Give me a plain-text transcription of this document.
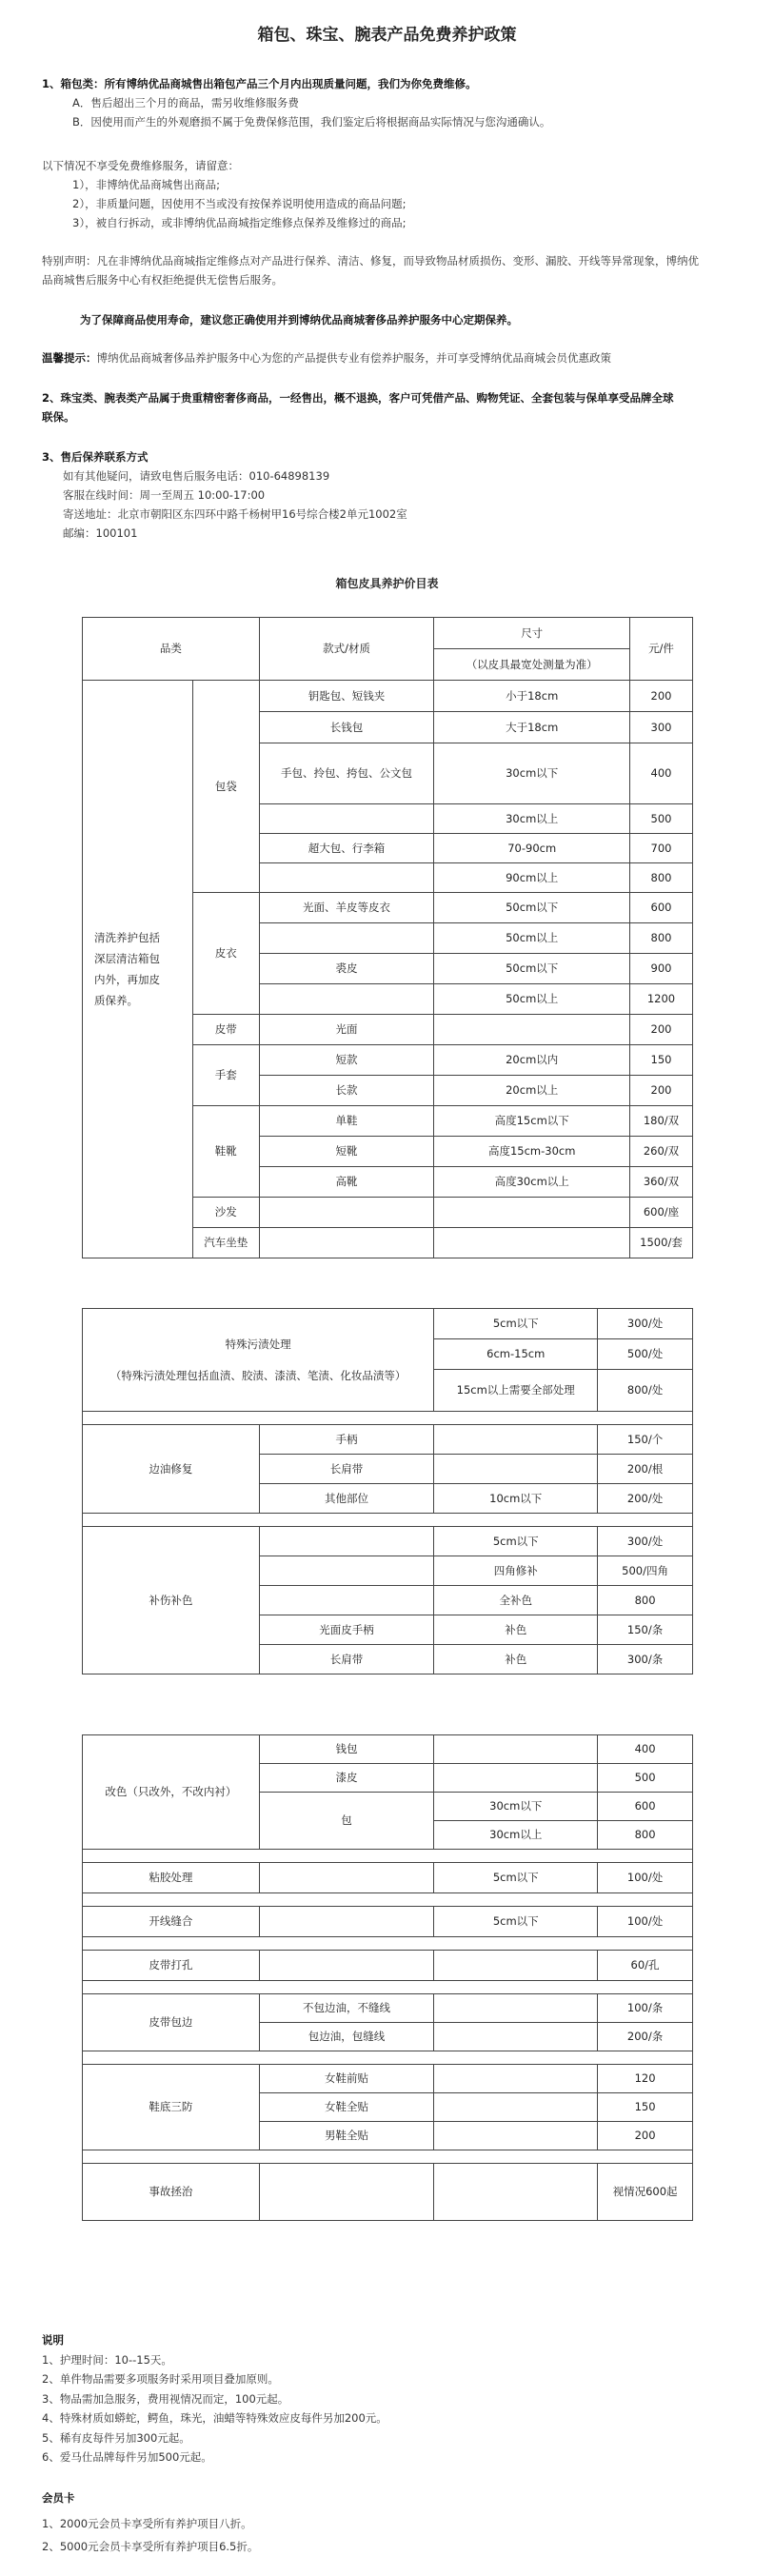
箱包、珠宝、腕表产品免费养护政策
1、箱包类：所有博纳优品商城售出箱包产品三个月内出现质量问题，我们为你免费维修。
A．售后超出三个月的商品，需另收维修服务费
B．因使用而产生的外观磨损不属于免费保修范围，我们鉴定后将根据商品实际情况与您沟通确认。
以下情况不享受免费维修服务，请留意：
1），非博纳优品商城售出商品;
2），非质量问题，因使用不当或没有按保养说明使用造成的商品问题;
3），被自行拆动，或非博纳优品商城指定维修点保养及维修过的商品;
特别声明：凡在非博纳优品商城指定维修点对产品进行保养、清洁、修复，而导致物品材质损伤、变形、漏胶、开线等异常现象，博纳优
品商城售后服务中心有权拒绝提供无偿售后服务。
为了保障商品使用寿命，建议您正确使用并到博纳优品商城奢侈品养护服务中心定期保养。
温馨提示：博纳优品商城奢侈品养护服务中心为您的产品提供专业有偿养护服务，并可享受博纳优品商城会员优惠政策
2、珠宝类、腕表类产品属于贵重精密奢侈商品，一经售出，概不退换，客户可凭借产品、购物凭证、全套包装与保单享受品牌全球
联保。
3、售后保养联系方式
如有其他疑问，请致电售后服务电话：010-64898139
客服在线时间：周一至周五 10:00-17:00
寄送地址：北京市朝阳区东四环中路千杨树甲16号综合楼2单元1002室
邮编：100101
箱包皮具养护价目表
品类		款式/材质	尺寸	元/件
			（以皮具最宽处测量为准）	

清洗养护包括
深层清洁箱包
内外，再加皮
质保养。	包袋	钥匙包、短钱夹	小于18cm	200
		长钱包	大于18cm	300
		手包、拎包、挎包、公文包	30cm以下	400
			30cm以上	500
		超大包、行李箱	70-90cm	700
			90cm以上	800
	皮衣	光面、羊皮等皮衣	50cm以下	600
			50cm以上	800
		裘皮	50cm以下	900
			50cm以上	1200
	皮带	光面		200
	手套	短款	20cm以内	150
		长款	20cm以上	200
	鞋靴	单鞋	高度15cm以下	180/双
		短靴	高度15cm-30cm	260/双
		高靴	高度30cm以上	360/双
	沙发			600/座
	汽车坐垫			1500/套
特殊污渍处理
（特殊污渍处理包括血渍、胶渍、漆渍、笔渍、化妆品渍等）		5cm以下	300/处
		6cm-15cm	500/处
		15cm以上需要全部处理	800/处

边油修复	手柄		150/个
	长肩带		200/根
	其他部位	10cm以下	200/处

补伤补色		5cm以下	300/处
		四角修补	500/四角
		全补色	800
	光面皮手柄	补色	150/条
	长肩带	补色	300/条
改色（只改外，不改内衬）	钱包		400
	漆皮		500
	包	30cm以下	600
		30cm以上	800

粘胶处理		5cm以下	100/处

开线缝合		5cm以下	100/处

皮带打孔			60/孔

皮带包边	不包边油，不缝线		100/条
	包边油，包缝线		200/条

鞋底三防	女鞋前贴		120
	女鞋全贴		150
	男鞋全贴		200

事故拯治			视情况600起
说明
1、护理时间：10--15天。
2、单件物品需要多项服务时采用项目叠加原则。
3、物品需加急服务，费用视情况而定，100元起。
4、特殊材质如蟒蛇，鳄鱼，珠光，油蜡等特殊效应皮每件另加200元。
5、稀有皮每件另加300元起。
6、爱马仕品牌每件另加500元起。
会员卡
1、2000元会员卡享受所有养护项目八折。
2、5000元会员卡享受所有养护项目6.5折。
